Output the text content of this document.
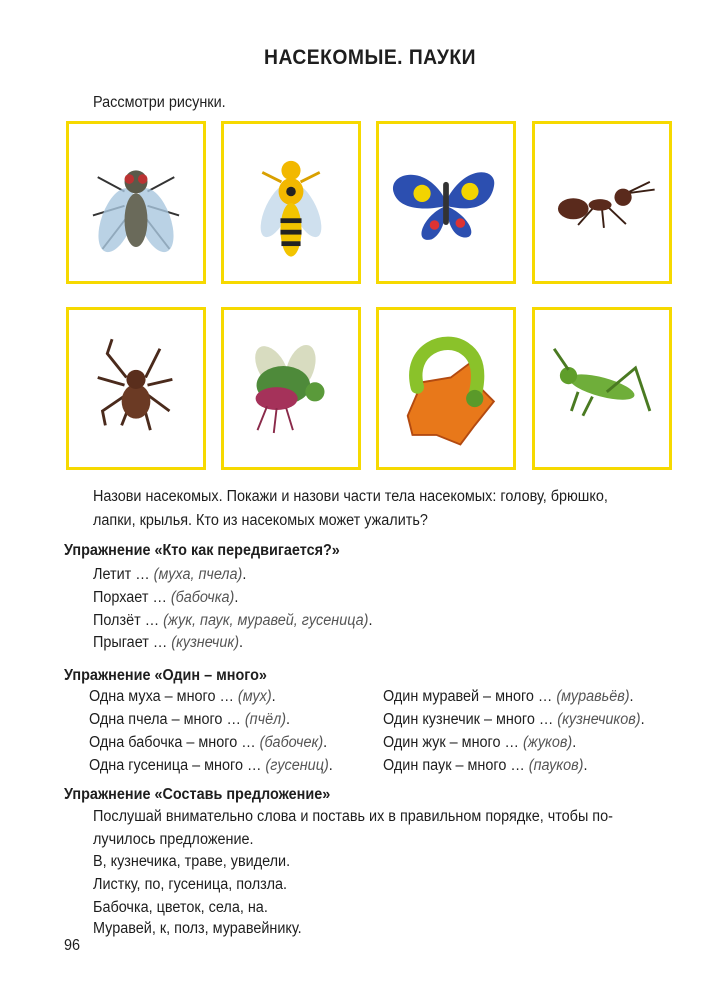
НАСЕКОМЫЕ. ПАУКИ
Рассмотри рисунки.
Назови насекомых. Покажи и назови части тела насекомых: голову, брюшко,
лапки, крылья. Кто из насекомых может ужалить?
Упражнение «Кто как передвигается?»
Летит … (муха, пчела).
Порхает … (бабочка).
Ползёт … (жук, паук, муравей, гусеница).
Прыгает … (кузнечик).
Упражнение «Один – много»
Одна муха – много … (мух).
Одна пчела – много … (пчёл).
Одна бабочка – много … (бабочек).
Одна гусеница – много … (гусениц).
Один муравей – много … (муравьёв).
Один кузнечик – много … (кузнечиков).
Один жук – много … (жуков).
Один паук – много … (пауков).
Упражнение «Составь предложение»
Послушай внимательно слова и поставь их в правильном порядке, чтобы по-
лучилось предложение.
В, кузнечика, траве, увидели.
Листку, по, гусеница, ползла.
Бабочка, цветок, села, на.
Муравей, к, полз, муравейнику.
96
